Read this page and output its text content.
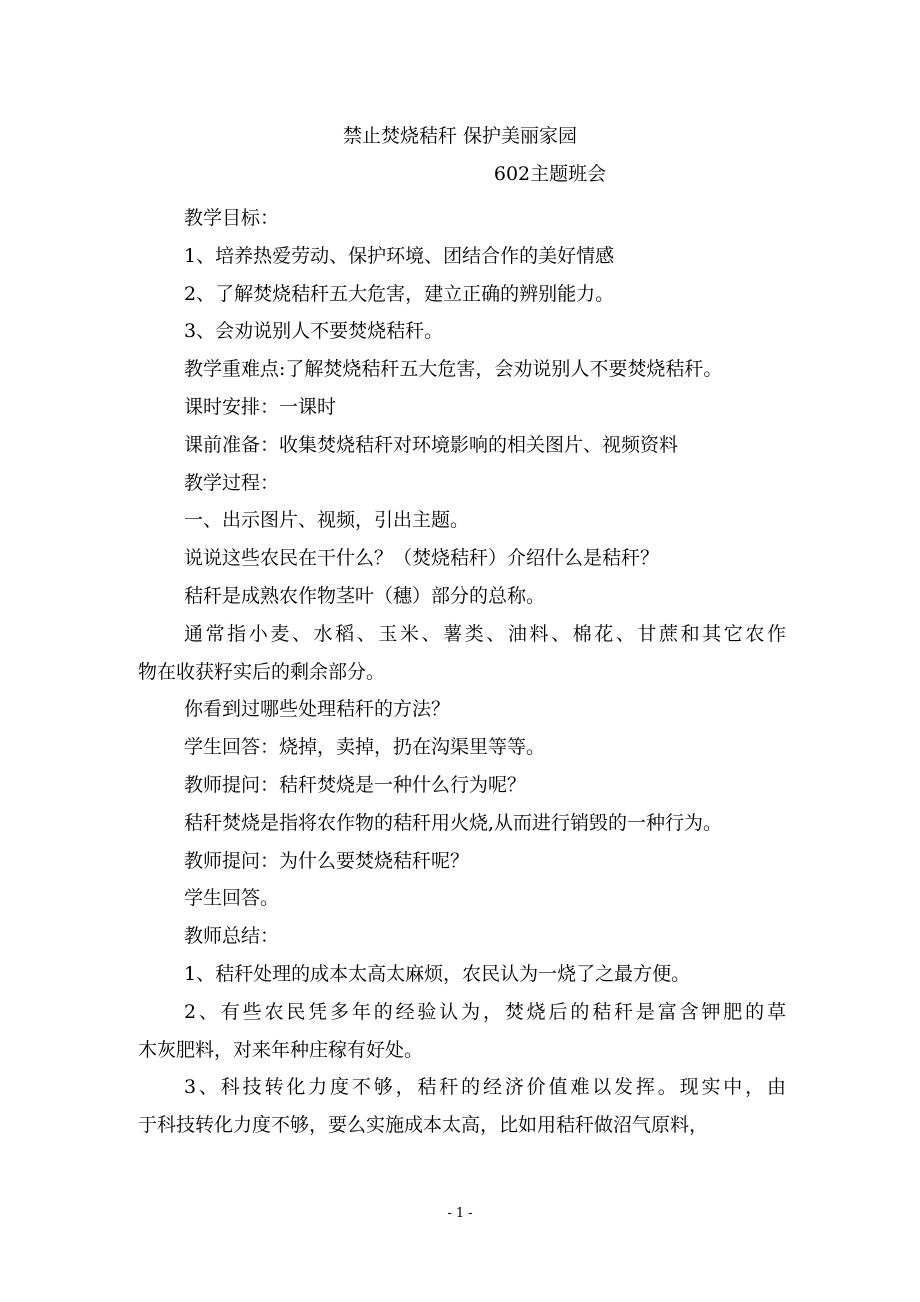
禁止焚烧秸秆 保护美丽家园
602主题班会
教学目标：
1、培养热爱劳动、保护环境、团结合作的美好情感
2、了解焚烧秸秆五大危害，建立正确的辨别能力。
3、会劝说别人不要焚烧秸秆。
教学重难点:了解焚烧秸秆五大危害，会劝说别人不要焚烧秸秆。
课时安排：一课时
课前准备：收集焚烧秸秆对环境影响的相关图片、视频资料
教学过程：
一、出示图片、视频，引出主题。
说说这些农民在干什么？（焚烧秸秆）介绍什么是秸秆？
秸秆是成熟农作物茎叶（穗）部分的总称。
通常指小麦、水稻、玉米、薯类、油料、棉花、甘蔗和其它农作
物在收获籽实后的剩余部分。
你看到过哪些处理秸秆的方法？
学生回答：烧掉，卖掉，扔在沟渠里等等。
教师提问：秸秆焚烧是一种什么行为呢？
秸秆焚烧是指将农作物的秸秆用火烧,从而进行销毁的一种行为。
教师提问：为什么要焚烧秸秆呢？
学生回答。
教师总结：
1、秸秆处理的成本太高太麻烦，农民认为一烧了之最方便。
2、有些农民凭多年的经验认为，焚烧后的秸秆是富含钾肥的草
木灰肥料，对来年种庄稼有好处。
3、科技转化力度不够，秸秆的经济价值难以发挥。现实中，由
于科技转化力度不够，要么实施成本太高，比如用秸秆做沼气原料，
- 1 -
